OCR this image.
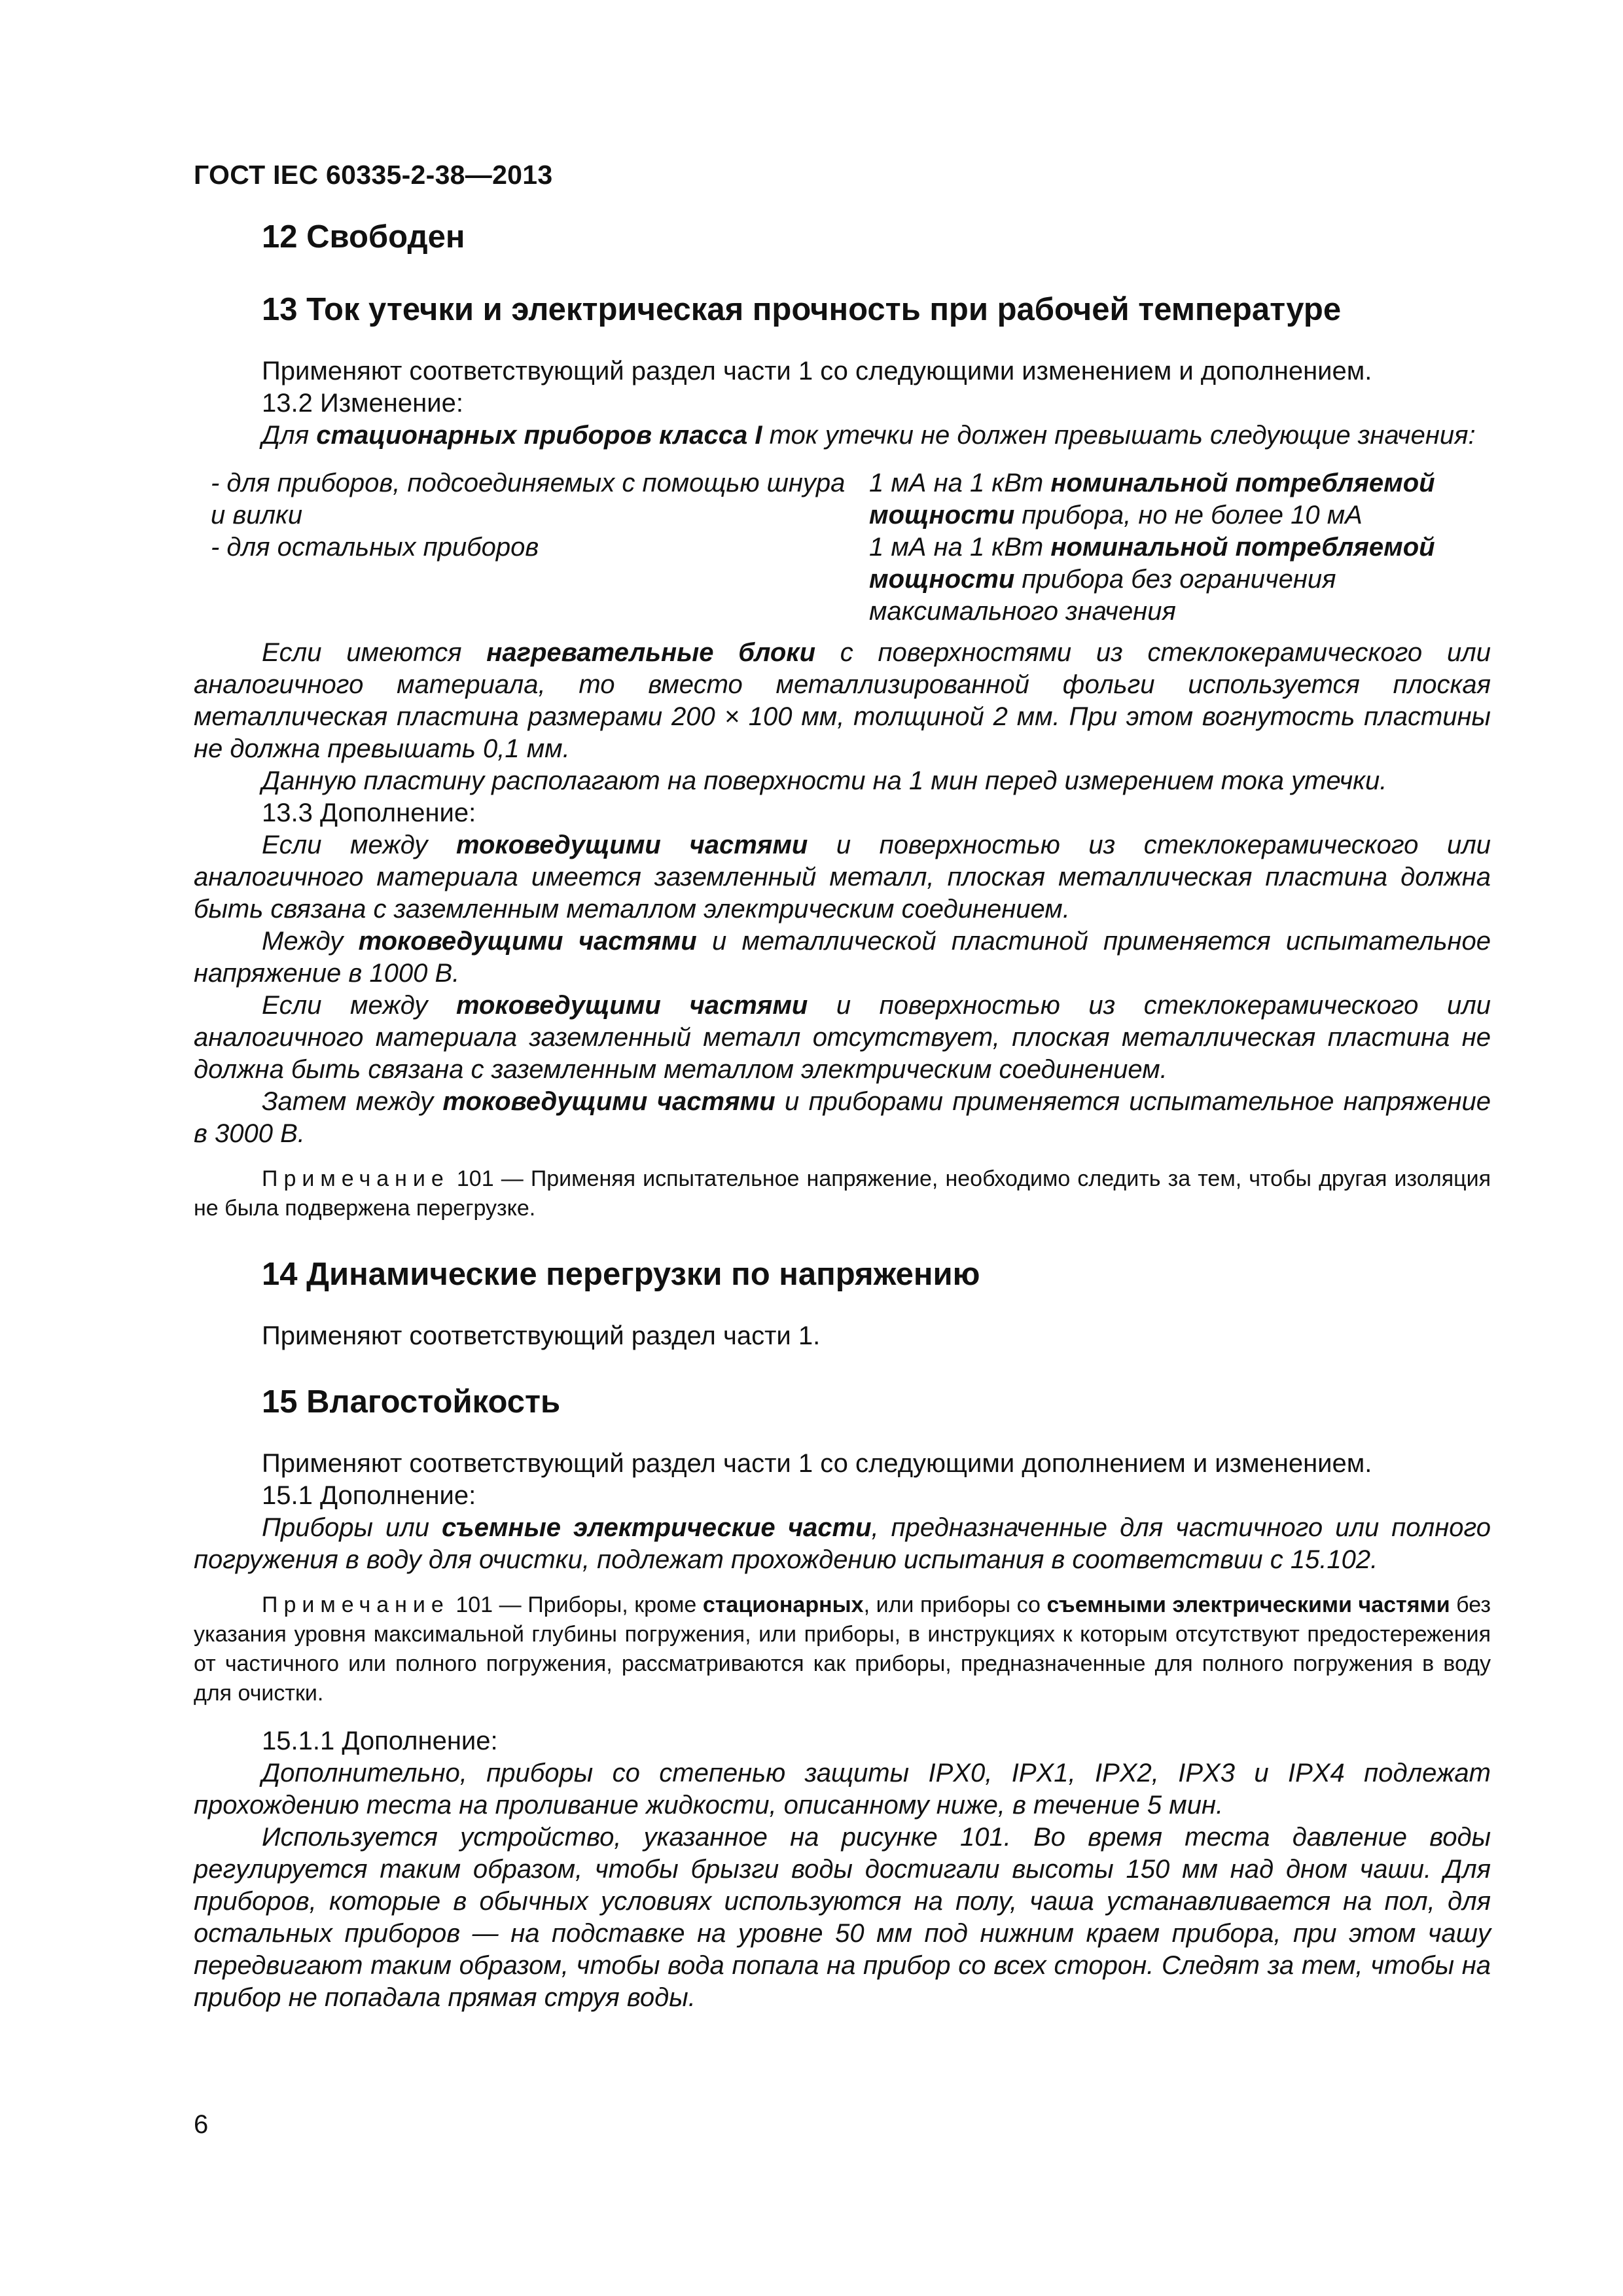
ГОСТ IEC 60335-2-38—2013
12 Свободен
13 Ток утечки и электрическая прочность при рабочей температуре

Применяют соответствующий раздел части 1 со следующими изменением и дополнением.

13.2 Изменение:

Для стационарных приборов класса I ток утечки не должен превышать следующие значения:

- для приборов, подсоединяемых с помощью шнура и вилки

1 мА на 1 кВт номинальной потребляемой мощности прибора, но не более 10 мА

- для остальных приборов	1 мА на 1 кВт номинальной потребляемой мощности прибора без ограничения максимального значения

Если имеются нагревательные блоки с поверхностями из стеклокерамического или аналогичного материала, то вместо металлизированной фольги используется плоская металлическая пластина размерами 200 × 100 мм, толщиной 2 мм. При этом вогнутость пластины не должна превышать 0,1 мм.

Данную пластину располагают на поверхности на 1 мин перед измерением тока утечки.

13.3 Дополнение:

Если между токоведущими частями и поверхностью из стеклокерамического или аналогичного материала имеется заземленный металл, плоская металлическая пластина должна быть связана с заземленным металлом электрическим соединением.

Между токоведущими частями и металлической пластиной применяется испытательное напряжение в 1000 В.

Если между токоведущими частями и поверхностью из стеклокерамического или аналогичного материала заземленный металл отсутствует, плоская металлическая пластина не должна быть связана с заземленным металлом электрическим соединением.

Затем между токоведущими частями и приборами применяется испытательное напряжение в 3000 В.

Примечание 101 — Применяя испытательное напряжение, необходимо следить за тем, чтобы другая изоляция не была подвержена перегрузке.

14 Динамические перегрузки по напряжению

Применяют соответствующий раздел части 1.

15 Влагостойкость

Применяют соответствующий раздел части 1 со следующими дополнением и изменением.

15.1 Дополнение:

Приборы или съемные электрические части, предназначенные для частичного или полного погружения в воду для очистки, подлежат прохождению испытания в соответствии с 15.102.

Примечание 101 — Приборы, кроме стационарных, или приборы со съемными электрическими частями без указания уровня максимальной глубины погружения, или приборы, в инструкциях к которым отсутствуют предостережения от частичного или полного погружения, рассматриваются как приборы, предназначенные для полного погружения в воду для очистки.

15.1.1 Дополнение:

Дополнительно, приборы со степенью защиты IPX0, IPX1, IPX2, IPX3 и IPX4 подлежат прохождению теста на проливание жидкости, описанному ниже, в течение 5 мин.

Используется устройство, указанное на рисунке 101. Во время теста давление воды регулируется таким образом, чтобы брызги воды достигали высоты 150 мм над дном чаши. Для приборов, которые в обычных условиях используются на полу, чаша устанавливается на пол, для остальных приборов — на подставке на уровне 50 мм под нижним краем прибора, при этом чашу передвигают таким образом, чтобы вода попала на прибор со всех сторон. Следят за тем, чтобы на прибор не попадала прямая струя воды.

6
